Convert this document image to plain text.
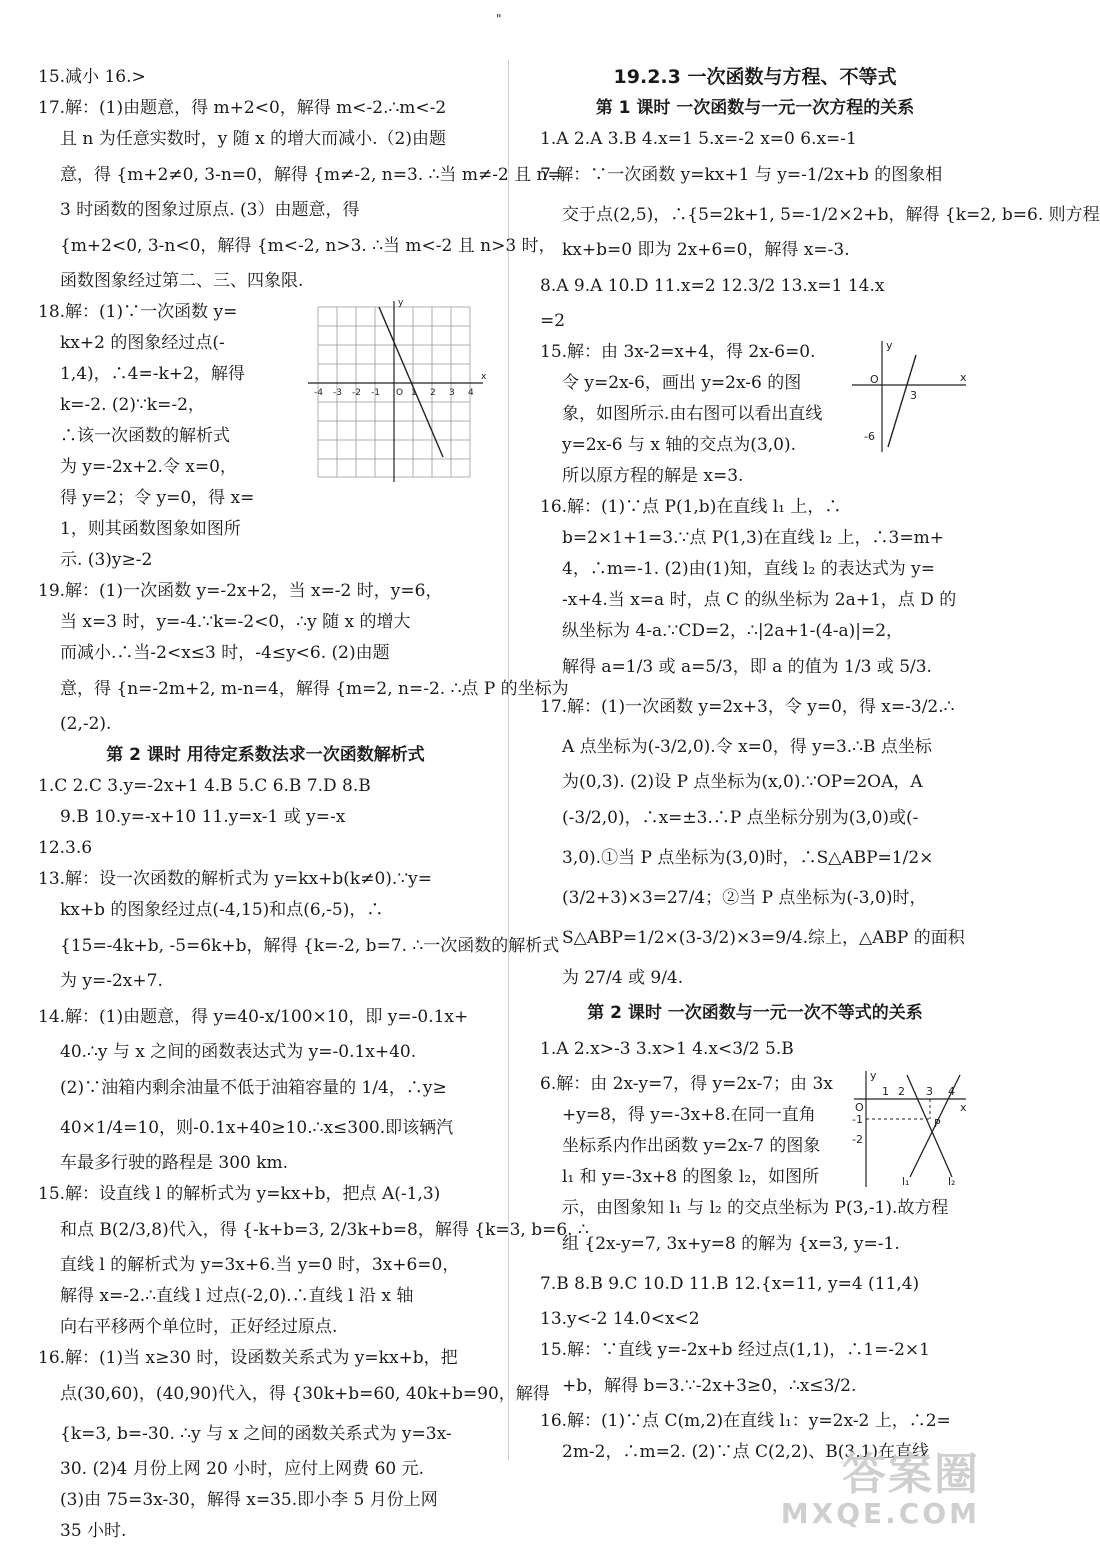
"
15.减小 16.>
17.解：(1)由题意，得 m+2<0，解得 m<-2.∴m<-2
且 n 为任意实数时，y 随 x 的增大而减小.（2)由题
意，得 {m+2≠0, 3-n=0，解得 {m≠-2, n=3. ∴当 m≠-2 且 n=
3 时函数的图象过原点. (3）由题意，得
{m+2<0, 3-n<0，解得 {m<-2, n>3. ∴当 m<-2 且 n>3 时，
函数图象经过第二、三、四象限.
18.解：(1)∵一次函数 y=
kx+2 的图象经过点(-
1,4)，∴4=-k+2，解得
k=-2. (2)∵k=-2，
∴该一次函数的解析式
为 y=-2x+2.令 x=0，
得 y=2；令 y=0，得 x=
1，则其函数图象如图所
示. (3)y≥-2
x
y
-4 -3 -2 -1 O 1 2 3 4
19.解：(1)一次函数 y=-2x+2，当 x=-2 时，y=6，
当 x=3 时，y=-4.∵k=-2<0，∴y 随 x 的增大
而减小.∴当-2<x≤3 时，-4≤y<6. (2)由题
意，得 {n=-2m+2, m-n=4，解得 {m=2, n=-2. ∴点 P 的坐标为
(2,-2).
第 2 课时 用待定系数法求一次函数解析式
1.C 2.C 3.y=-2x+1 4.B 5.C 6.B 7.D 8.B
9.B 10.y=-x+10 11.y=x-1 或 y=-x
12.3.6
13.解：设一次函数的解析式为 y=kx+b(k≠0).∵y=
kx+b 的图象经过点(-4,15)和点(6,-5)，∴
{15=-4k+b, -5=6k+b，解得 {k=-2, b=7. ∴一次函数的解析式
为 y=-2x+7.
14.解：(1)由题意，得 y=40-x/100×10，即 y=-0.1x+
40.∴y 与 x 之间的函数表达式为 y=-0.1x+40.
(2)∵油箱内剩余油量不低于油箱容量的 1/4，∴y≥
40×1/4=10，则-0.1x+40≥10.∴x≤300.即该辆汽
车最多行驶的路程是 300 km.
15.解：设直线 l 的解析式为 y=kx+b，把点 A(-1,3)
和点 B(2/3,8)代入，得 {-k+b=3, 2/3k+b=8，解得 {k=3, b=6. ∴
直线 l 的解析式为 y=3x+6.当 y=0 时，3x+6=0，
解得 x=-2.∴直线 l 过点(-2,0).∴直线 l 沿 x 轴
向右平移两个单位时，正好经过原点.
16.解：(1)当 x≥30 时，设函数关系式为 y=kx+b，把
点(30,60)，(40,90)代入，得 {30k+b=60, 40k+b=90，解得
{k=3, b=-30. ∴y 与 x 之间的函数关系式为 y=3x-
30. (2)4 月份上网 20 小时，应付上网费 60 元.
(3)由 75=3x-30，解得 x=35.即小李 5 月份上网
35 小时.
19.2.3 一次函数与方程、不等式
第 1 课时 一次函数与一元一次方程的关系
1.A 2.A 3.B 4.x=1 5.x=-2 x=0 6.x=-1
7.解：∵一次函数 y=kx+1 与 y=-1/2x+b 的图象相
交于点(2,5)，∴{5=2k+1, 5=-1/2×2+b，解得 {k=2, b=6. 则方程
kx+b=0 即为 2x+6=0，解得 x=-3.
8.A 9.A 10.D 11.x=2 12.3/2 13.x=1 14.x
=2
15.解：由 3x-2=x+4，得 2x-6=0.
令 y=2x-6，画出 y=2x-6 的图
象，如图所示.由右图可以看出直线
y=2x-6 与 x 轴的交点为(3,0).
所以原方程的解是 x=3.
x
y
O
3
-6
16.解：(1)∵点 P(1,b)在直线 l₁ 上，∴
b=2×1+1=3.∵点 P(1,3)在直线 l₂ 上，∴3=m+
4，∴m=-1. (2)由(1)知，直线 l₂ 的表达式为 y=
-x+4.当 x=a 时，点 C 的纵坐标为 2a+1，点 D 的
纵坐标为 4-a.∵CD=2，∴|2a+1-(4-a)|=2，
解得 a=1/3 或 a=5/3，即 a 的值为 1/3 或 5/3.
17.解：(1)一次函数 y=2x+3，令 y=0，得 x=-3/2.∴
A 点坐标为(-3/2,0).令 x=0，得 y=3.∴B 点坐标
为(0,3). (2)设 P 点坐标为(x,0).∵OP=2OA，A
(-3/2,0)，∴x=±3.∴P 点坐标分别为(3,0)或(-
3,0).①当 P 点坐标为(3,0)时，∴S△ABP=1/2×
(3/2+3)×3=27/4；②当 P 点坐标为(-3,0)时，
S△ABP=1/2×(3-3/2)×3=9/4.综上，△ABP 的面积
为 27/4 或 9/4.
第 2 课时 一次函数与一元一次不等式的关系
1.A 2.x>-3 3.x>1 4.x<3/2 5.B
6.解：由 2x-y=7，得 y=2x-7；由 3x
+y=8，得 y=-3x+8.在同一直角
坐标系内作出函数 y=2x-7 的图象
l₁ 和 y=-3x+8 的图象 l₂，如图所
x
y
O
1 2 3 4
-1
-2
P
l₁	l₂
示，由图象知 l₁ 与 l₂ 的交点坐标为 P(3,-1).故方程
组 {2x-y=7, 3x+y=8 的解为 {x=3, y=-1.
7.B 8.B 9.C 10.D 11.B 12.{x=11, y=4 (11,4)
13.y<-2 14.0<x<2
15.解：∵直线 y=-2x+b 经过点(1,1)，∴1=-2×1
+b，解得 b=3.∵-2x+3≥0，∴x≤3/2.
16.解：(1)∵点 C(m,2)在直线 l₁：y=2x-2 上，∴2=
2m-2，∴m=2. (2)∵点 C(2,2)、B(3,1)在直线
答案圈
MXQE.COM
